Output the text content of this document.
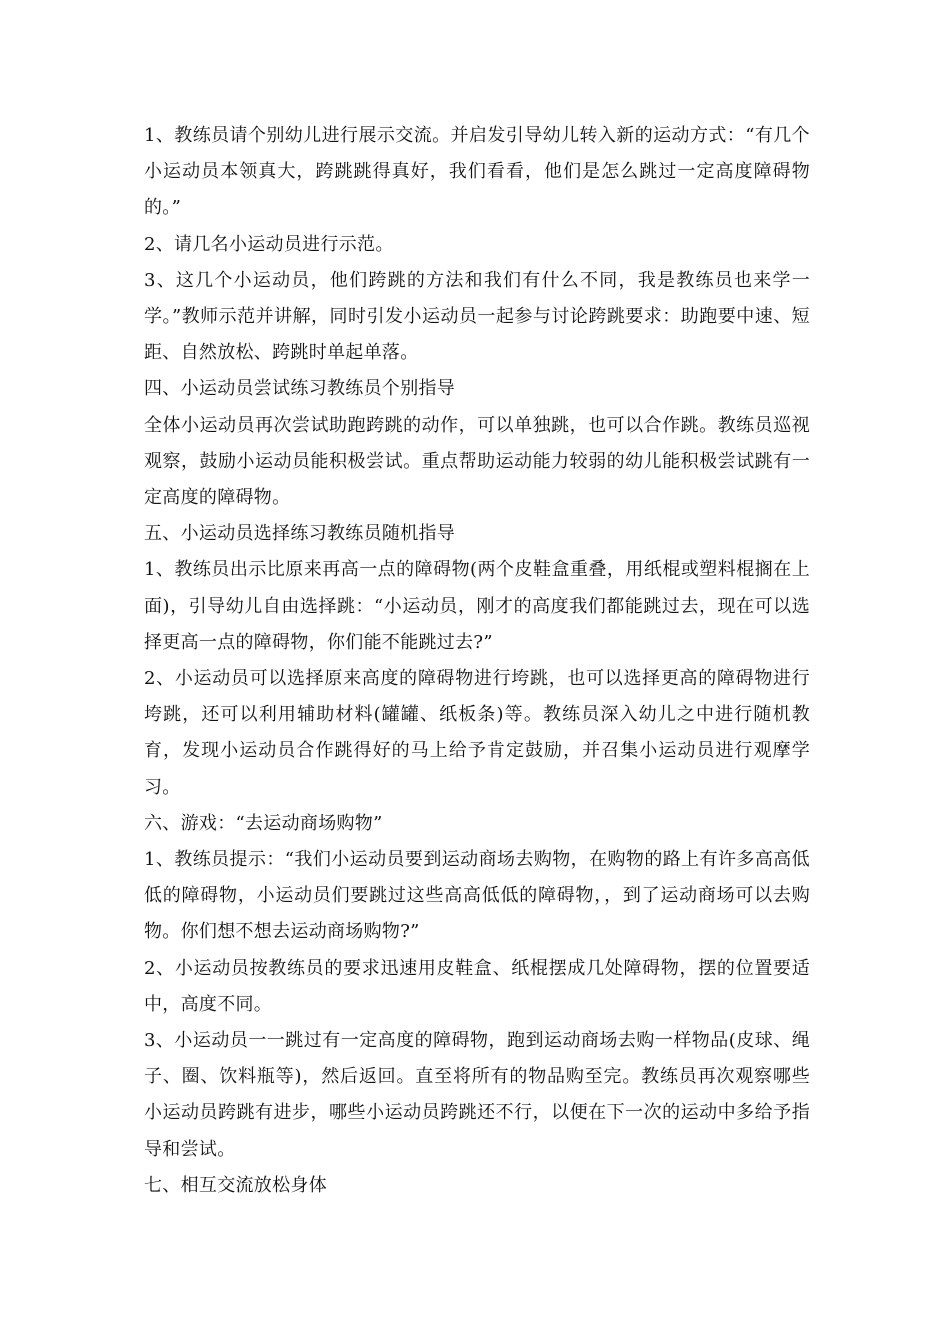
1、教练员请个别幼儿进行展示交流。并启发引导幼儿转入新的运动方式：“有几个小运动员本领真大，跨跳跳得真好，我们看看，他们是怎么跳过一定高度障碍物的。”

2、请几名小运动员进行示范。

3、这几个小运动员，他们跨跳的方法和我们有什么不同，我是教练员也来学一学。”教师示范并讲解，同时引发小运动员一起参与讨论跨跳要求：助跑要中速、短距、自然放松、跨跳时单起单落。

四、小运动员尝试练习教练员个别指导

全体小运动员再次尝试助跑跨跳的动作，可以单独跳，也可以合作跳。教练员巡视观察，鼓励小运动员能积极尝试。重点帮助运动能力较弱的幼儿能积极尝试跳有一定高度的障碍物。

五、小运动员选择练习教练员随机指导

1、教练员出示比原来再高一点的障碍物(两个皮鞋盒重叠，用纸棍或塑料棍搁在上面)，引导幼儿自由选择跳：“小运动员，刚才的高度我们都能跳过去，现在可以选择更高一点的障碍物，你们能不能跳过去?”

2、小运动员可以选择原来高度的障碍物进行垮跳，也可以选择更高的障碍物进行垮跳，还可以利用辅助材料(罐罐、纸板条)等。教练员深入幼儿之中进行随机教育，发现小运动员合作跳得好的马上给予肯定鼓励，并召集小运动员进行观摩学习。

六、游戏：“去运动商场购物”

1、教练员提示：“我们小运动员要到运动商场去购物，在购物的路上有许多高高低低的障碍物，小运动员们要跳过这些高高低低的障碍物，，到了运动商场可以去购物。你们想不想去运动商场购物?”

2、小运动员按教练员的要求迅速用皮鞋盒、纸棍摆成几处障碍物，摆的位置要适中，高度不同。

3、小运动员一一跳过有一定高度的障碍物，跑到运动商场去购一样物品(皮球、绳子、圈、饮料瓶等)，然后返回。直至将所有的物品购至完。教练员再次观察哪些小运动员跨跳有进步，哪些小运动员跨跳还不行，以便在下一次的运动中多给予指导和尝试。

七、相互交流放松身体
